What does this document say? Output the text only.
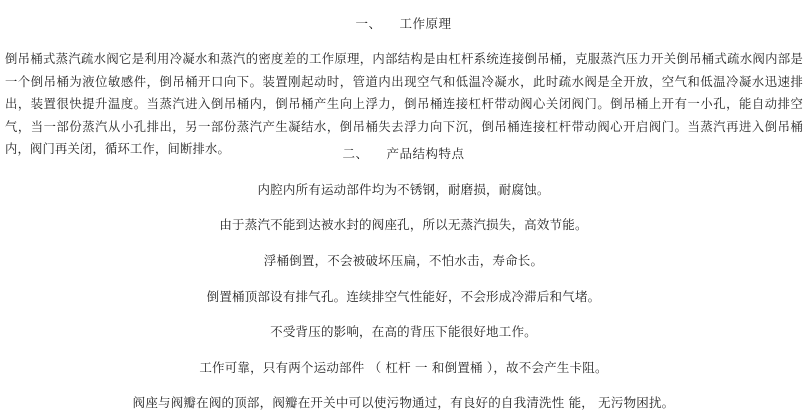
一、 工作原理
倒吊桶式蒸汽疏水阀它是利用冷凝水和蒸汽的密度差的工作原理，内部结构是由杠杆系统连接倒吊桶，克服蒸汽压力开关倒吊桶式疏水阀内部是一个倒吊桶为液位敏感件，倒吊桶开口向下。装置刚起动时，管道内出现空气和低温冷凝水，此时疏水阀是全开放，空气和低温冷凝水迅速排出，装置很快提升温度。当蒸汽进入倒吊桶内，倒吊桶产生向上浮力，倒吊桶连接杠杆带动阀心关闭阀门。倒吊桶上开有一小孔，能自动排空气，当一部份蒸汽从小孔排出，另一部份蒸汽产生凝结水，倒吊桶失去浮力向下沉，倒吊桶连接杠杆带动阀心开启阀门。当蒸汽再进入倒吊桶内，阀门再关闭，循环工作，间断排水。	二、 产品结构特点
内腔内所有运动部件均为不锈钢，耐磨损，耐腐蚀。
由于蒸汽不能到达被水封的阀座孔，所以无蒸汽损失，高效节能。
浮桶倒置，不会被破坏压扁，不怕水击，寿命长。
倒置桶顶部设有排气孔。连续排空气性能好，不会形成冷滞后和气堵。
不受背压的影响，在高的背压下能很好地工作。
工作可靠，只有两个运动部件 （ 杠杆 一 和倒置桶 ），故不会产生卡阻。
阀座与阀瓣在阀的顶部，阀瓣在开关中可以使污物通过，有良好的自我清洗性 能， 无污物困扰。
